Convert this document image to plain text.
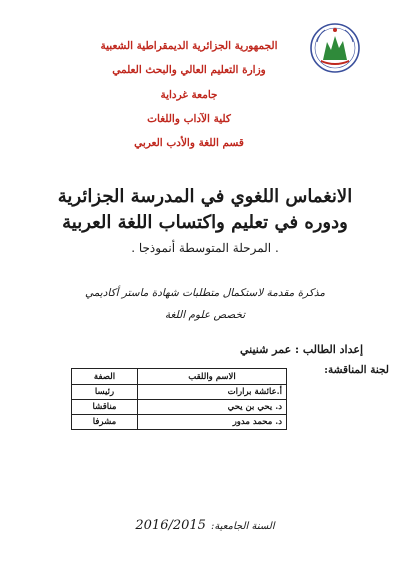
الجمهورية الجزائرية الديمقراطية الشعبية
وزارة التعليم العالي والبحث العلمي
جامعة غرداية
كلية الآداب واللغات
قسم اللغة والأدب العربي
الانغماس اللغوي في المدرسة الجزائرية
ودوره في تعليم واكتساب اللغة العربية
. المرحلة المتوسطة أنموذجا .
مذكرة مقدمة لاستكمال متطلبات شهادة ماستر أكاديمي
تخصص علوم اللغة
إعداد الطالب : عمر شنيني
لجنة المناقشة:
الاسم واللقب	الصفة
أ.عائشة برارات	رئيسا
د. يحي بن يحي	مناقشا
د. محمد مدور	مشرفا
السنة الجامعية: 2016/2015
